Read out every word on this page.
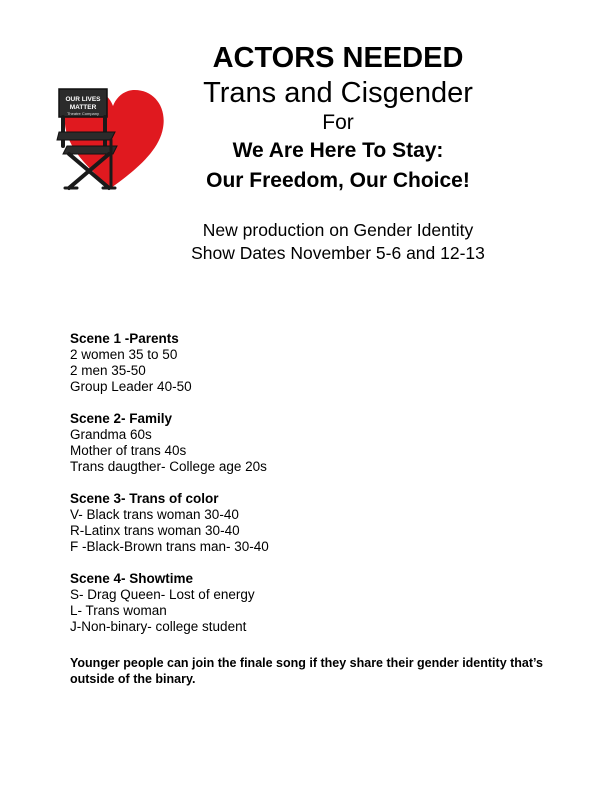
OUR LIVES
MATTER
Theatre Company
ACTORS NEEDED
Trans and Cisgender
For
We Are Here To Stay:
Our Freedom, Our Choice!
New production on Gender Identity
Show Dates November 5-6 and 12-13
Scene 1 -Parents
2 women 35 to 50
2 men 35-50
Group Leader 40-50
Scene 2- Family
Grandma 60s
Mother of trans 40s
Trans daugther- College age 20s
Scene 3- Trans of color
V- Black trans woman 30-40
R-Latinx trans woman 30-40
F -Black-Brown trans man- 30-40
Scene 4- Showtime
S- Drag Queen- Lost of energy
L- Trans woman
J-Non-binary- college student
Younger people can join the finale song if they share their gender identity that’s outside of the binary.
